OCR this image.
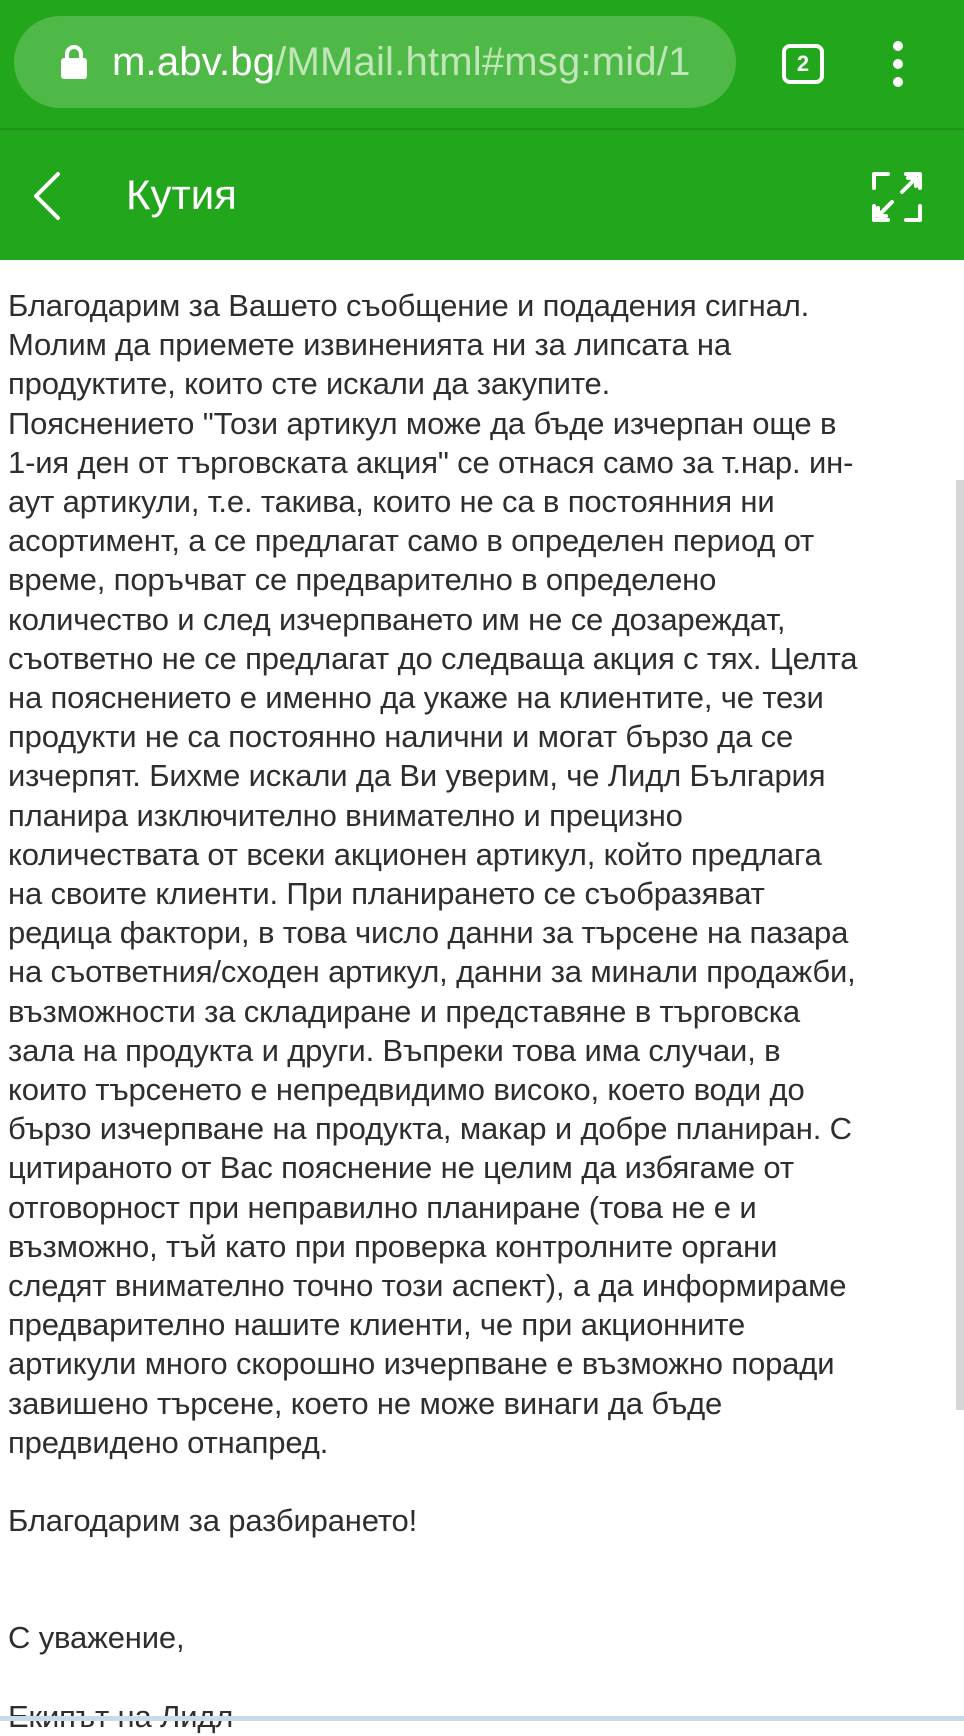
m.abv.bg/MMail.html#msg:mid/1	2
Кутия
Благодарим за Вашето съобщение и подадения сигнал.
Молим да приемете извиненията ни за липсата на
продуктите, които сте искали да закупите.
Пояснението "Този артикул може да бъде изчерпан още в
1-ия ден от търговската акция" се отнася само за т.нар. ин-
аут артикули, т.е. такива, които не са в постоянния ни
асортимент, а се предлагат само в определен период от
време, поръчват се предварително в определено
количество и след изчерпването им не се дозареждат,
съответно не се предлагат до следваща акция с тях. Целта
на пояснението е именно да укаже на клиентите, че тези
продукти не са постоянно налични и могат бързо да се
изчерпят. Бихме искали да Ви уверим, че Лидл България
планира изключително внимателно и прецизно
количествата от всеки акционен артикул, който предлага
на своите клиенти. При планирането се съобразяват
редица фактори, в това число данни за търсене на пазара
на съответния/сходен артикул, данни за минали продажби,
възможности за складиране и представяне в търговска
зала на продукта и други. Въпреки това има случаи, в
които търсенето е непредвидимо високо, което води до
бързо изчерпване на продукта, макар и добре планиран. С
цитираното от Вас пояснение не целим да избягаме от
отговорност при неправилно планиране (това не е и
възможно, тъй като при проверка контролните органи
следят внимателно точно този аспект), а да информираме
предварително нашите клиенти, че при акционните
артикули много скорошно изчерпване е възможно поради
завишено търсене, което не може винаги да бъде
предвидено отнапред.

Благодарим за разбирането!

С уважение,
